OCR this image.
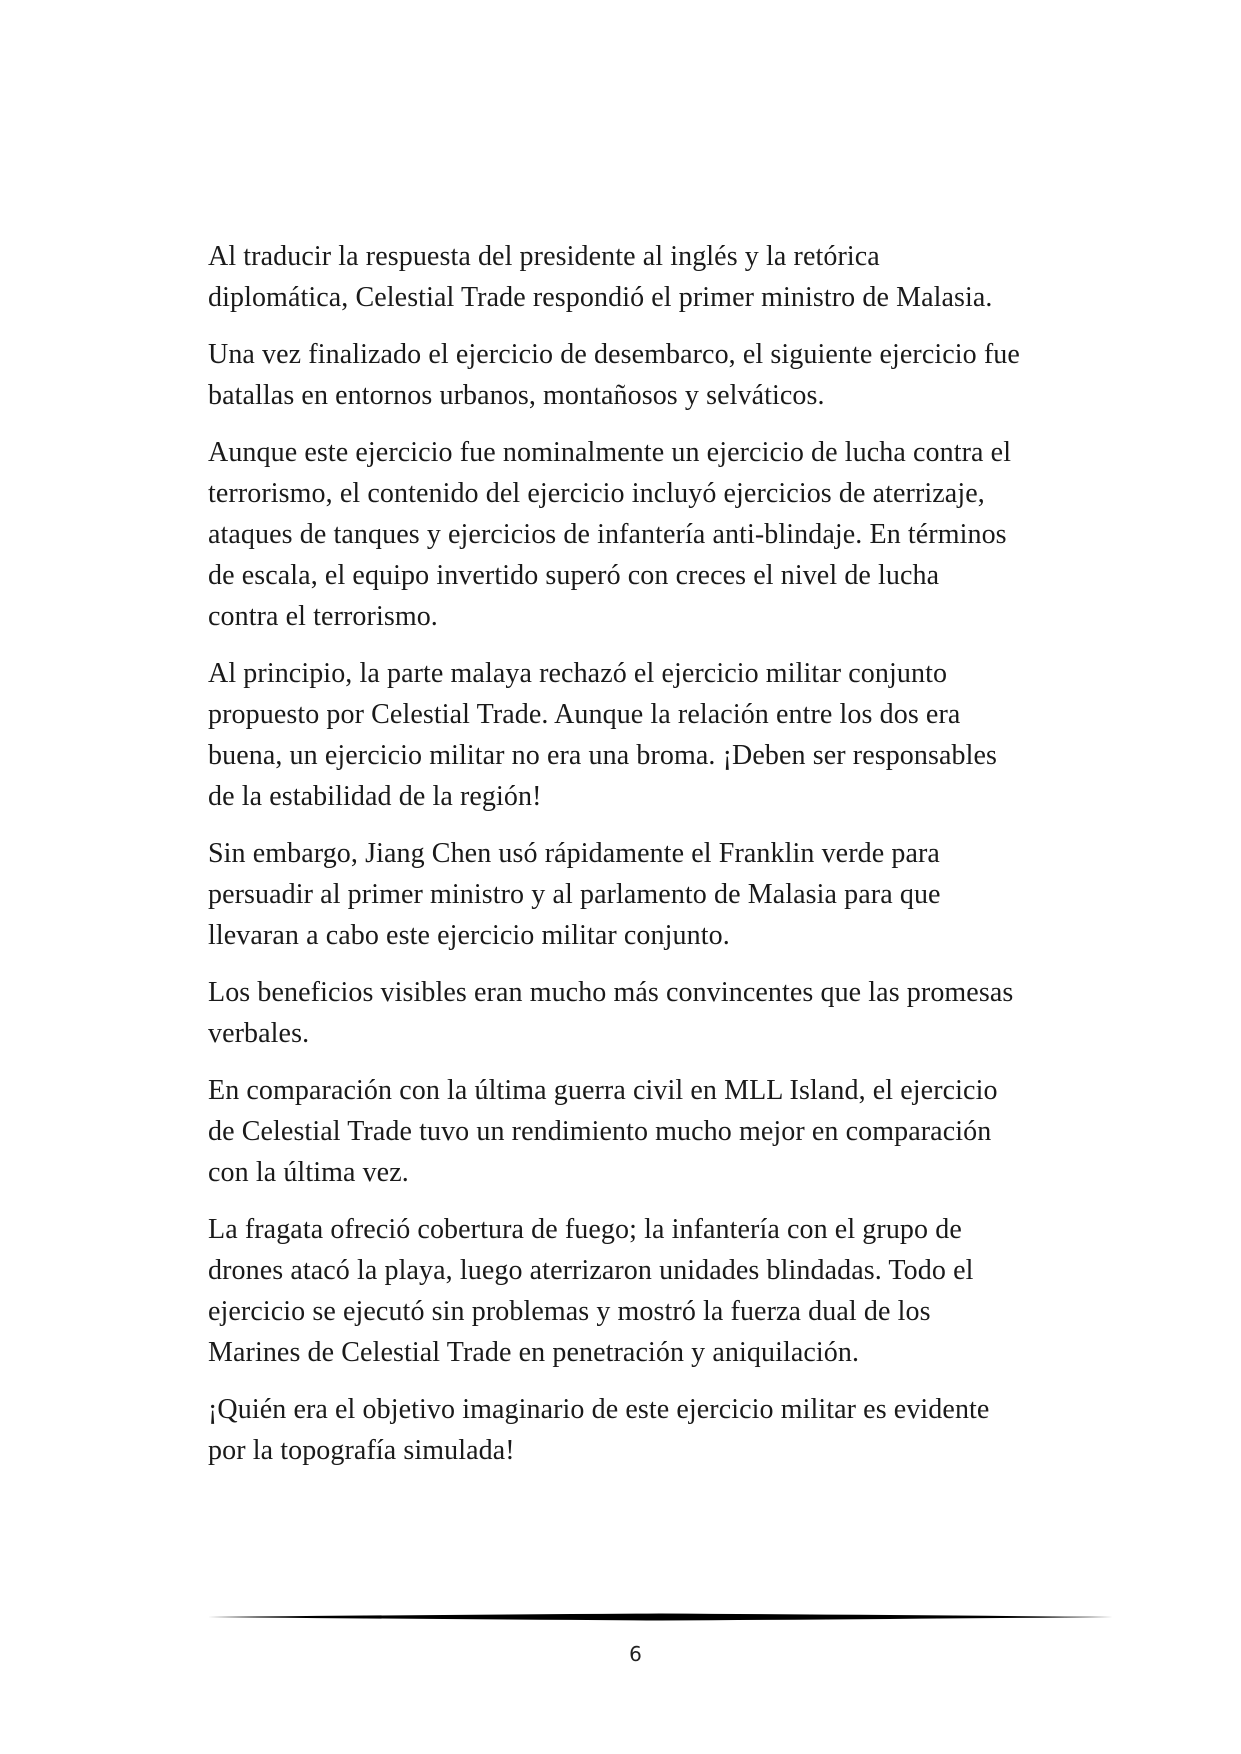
Al traducir la respuesta del presidente al inglés y la retórica
diplomática, Celestial Trade respondió el primer ministro de Malasia.

Una vez finalizado el ejercicio de desembarco, el siguiente ejercicio fue
batallas en entornos urbanos, montañosos y selváticos.

Aunque este ejercicio fue nominalmente un ejercicio de lucha contra el
terrorismo, el contenido del ejercicio incluyó ejercicios de aterrizaje,
ataques de tanques y ejercicios de infantería anti-blindaje. En términos
de escala, el equipo invertido superó con creces el nivel de lucha
contra el terrorismo.

Al principio, la parte malaya rechazó el ejercicio militar conjunto
propuesto por Celestial Trade. Aunque la relación entre los dos era
buena, un ejercicio militar no era una broma. ¡Deben ser responsables
de la estabilidad de la región!

Sin embargo, Jiang Chen usó rápidamente el Franklin verde para
persuadir al primer ministro y al parlamento de Malasia para que
llevaran a cabo este ejercicio militar conjunto.

Los beneficios visibles eran mucho más convincentes que las promesas
verbales.

En comparación con la última guerra civil en MLL Island, el ejercicio
de Celestial Trade tuvo un rendimiento mucho mejor en comparación
con la última vez.

La fragata ofreció cobertura de fuego; la infantería con el grupo de
drones atacó la playa, luego aterrizaron unidades blindadas. Todo el
ejercicio se ejecutó sin problemas y mostró la fuerza dual de los
Marines de Celestial Trade en penetración y aniquilación.

¡Quién era el objetivo imaginario de este ejercicio militar es evidente
por la topografía simulada!

6
